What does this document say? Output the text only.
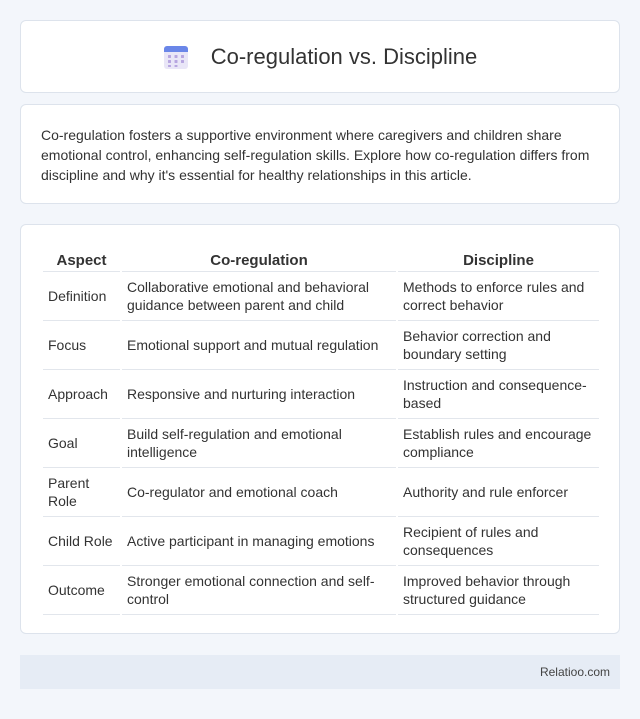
Co-regulation vs. Discipline

Co-regulation fosters a supportive environment where caregivers and children share emotional control, enhancing self-regulation skills. Explore how co-regulation differs from discipline and why it's essential for healthy relationships in this article.

Aspect	Co-regulation	Discipline
Definition	Collaborative emotional and behavioral guidance between parent and child	Methods to enforce rules and correct behavior
Focus	Emotional support and mutual regulation	Behavior correction and boundary setting
Approach	Responsive and nurturing interaction	Instruction and consequence-based
Goal	Build self-regulation and emotional intelligence	Establish rules and encourage compliance
Parent Role	Co-regulator and emotional coach	Authority and rule enforcer
Child Role	Active participant in managing emotions	Recipient of rules and consequences
Outcome	Stronger emotional connection and self-control	Improved behavior through structured guidance
Relatioo.com
